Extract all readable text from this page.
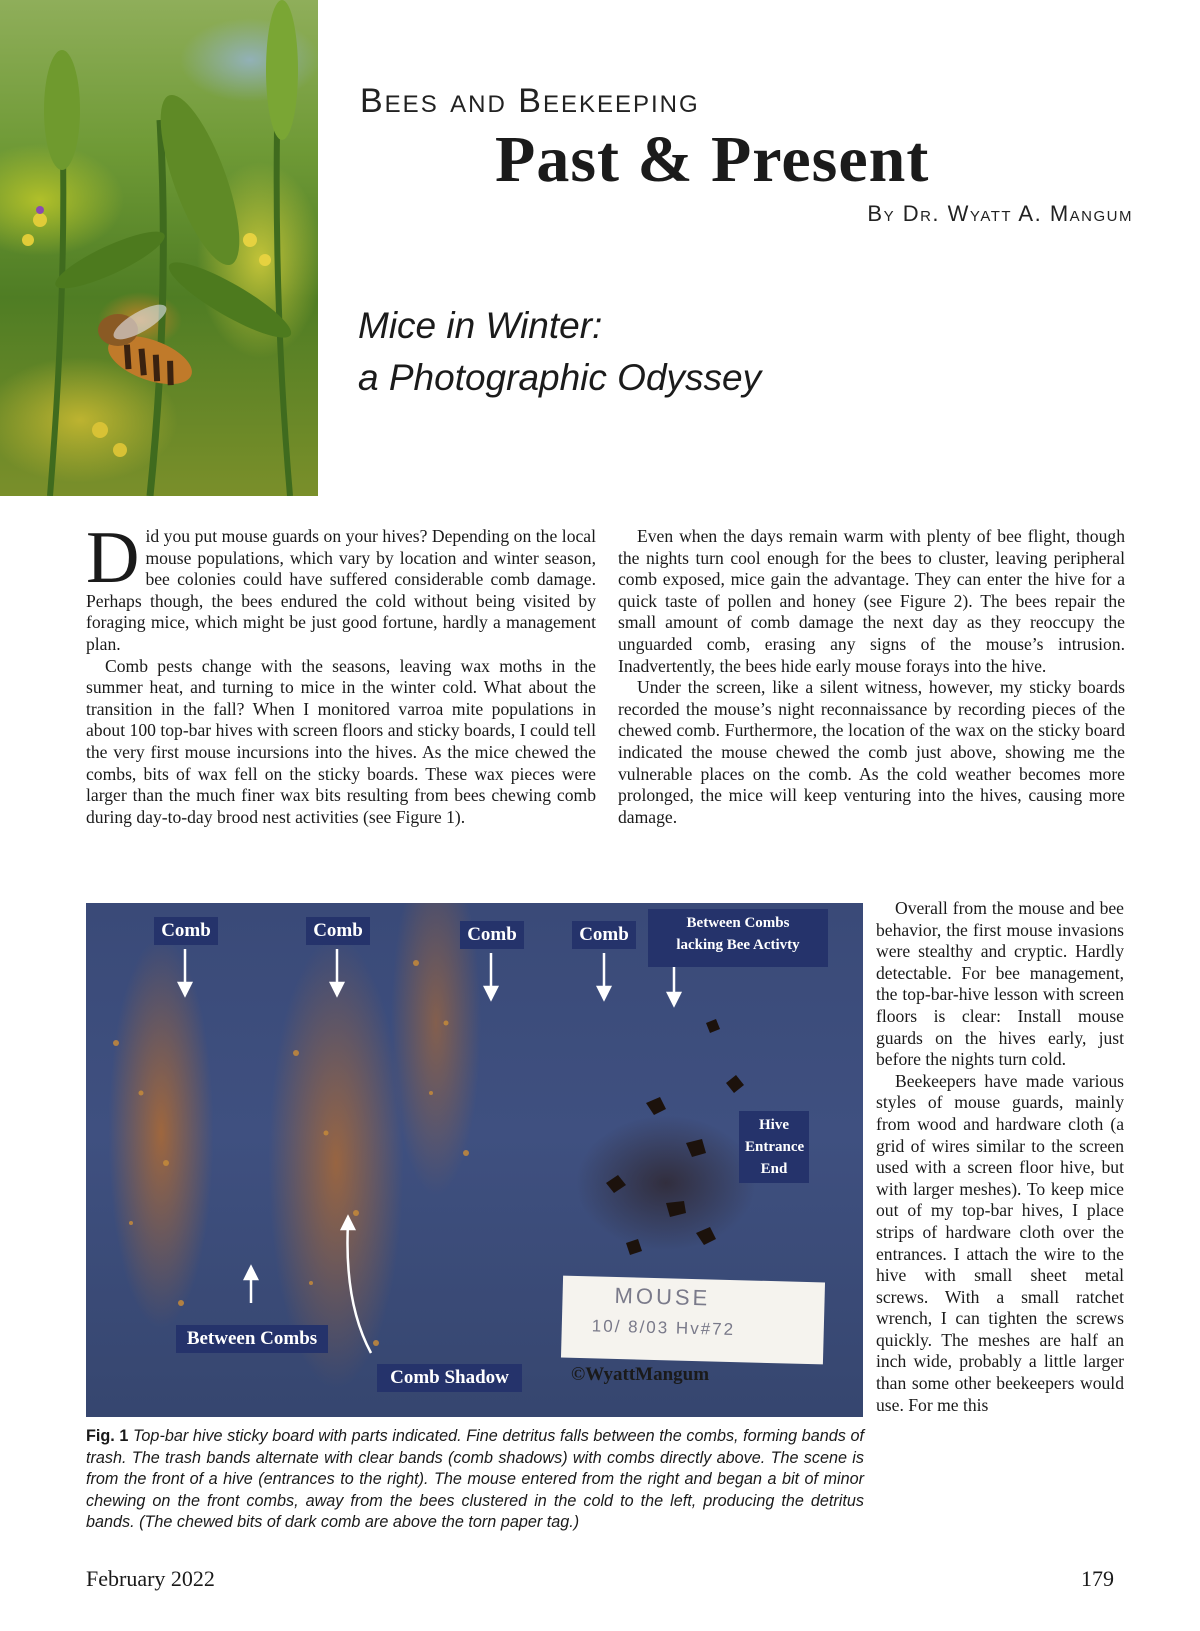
Bees and Beekeeping
Past & Present
By Dr. Wyatt A. Mangum
Mice in Winter:
a Photographic Odyssey

Did you put mouse guards on your hives? Depending on the local mouse populations, which vary by location and winter season, bee colonies could have suffered considerable comb damage. Perhaps though, the bees endured the cold without being visited by foraging mice, which might be just good fortune, hardly a management plan.

Comb pests change with the seasons, leaving wax moths in the summer heat, and turning to mice in the winter cold. What about the transition in the fall? When I monitored varroa mite populations in about 100 top-bar hives with screen floors and sticky boards, I could tell the very first mouse incursions into the hives. As the mice chewed the combs, bits of wax fell on the sticky boards. These wax pieces were larger than the much finer wax bits resulting from bees chewing comb during day-to-day brood nest activities (see Figure 1).

Even when the days remain warm with plenty of bee flight, though the nights turn cool enough for the bees to cluster, leaving peripheral comb exposed, mice gain the advantage. They can enter the hive for a quick taste of pollen and honey (see Figure 2). The bees repair the small amount of comb damage the next day as they reoccupy the unguarded comb, erasing any signs of the mouse’s intrusion. Inadvertently, the bees hide early mouse forays into the hive.

Under the screen, like a silent witness, however, my sticky boards recorded the mouse’s night reconnaissance by recording pieces of the chewed comb. Furthermore, the location of the wax on the sticky board indicated the mouse chewed the comb just above, showing me the vulnerable places on the comb. As the cold weather becomes more prolonged, the mice will keep venturing into the hives, causing more damage.

Overall from the mouse and bee behavior, the first mouse invasions were stealthy and cryptic. Hardly detectable. For bee management, the top-bar-hive lesson with screen floors is clear: Install mouse guards on the hives early, just before the nights turn cold.

Beekeepers have made various styles of mouse guards, mainly from wood and hardware cloth (a grid of wires similar to the screen used with a screen floor hive, but with larger meshes). To keep mice out of my top-bar hives, I place strips of hardware cloth over the entrances. I attach the wire to the hive with small sheet metal screws. With a small ratchet wrench, I can tighten the screws quickly. The meshes are half an inch wide, probably a little larger than some other beekeepers would use. For me this

Comb	Comb	Comb	Comb
Between Combs
lacking Bee Activty
Hive
Entrance
End
Between Combs
Comb Shadow
MOUSE
10/ 8/03 Hv#72
©WyattMangum
Fig. 1 Top-bar hive sticky board with parts indicated. Fine detritus falls between the combs, forming bands of trash. The trash bands alternate with clear bands (comb shadows) with combs directly above. The scene is from the front of a hive (entrances to the right). The mouse entered from the right and began a bit of minor chewing on the front combs, away from the bees clustered in the cold to the left, producing the detritus bands. (The chewed bits of dark comb are above the torn paper tag.)
February 2022	179
